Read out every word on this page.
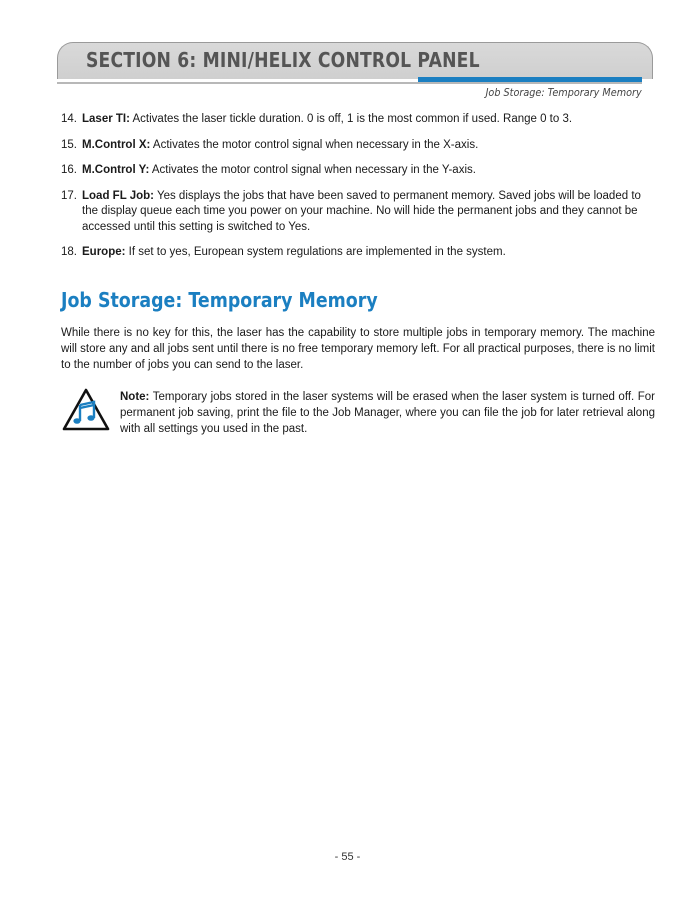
SECTION 6: MINI/HELIX CONTROL PANEL
Job Storage: Temporary Memory
14. Laser TI: Activates the laser tickle duration. 0 is off, 1 is the most common if used. Range 0 to 3.
15. M.Control X: Activates the motor control signal when necessary in the X-axis.
16. M.Control Y: Activates the motor control signal when necessary in the Y-axis.
17. Load FL Job: Yes displays the jobs that have been saved to permanent memory. Saved jobs will be loaded to the display queue each time you power on your machine. No will hide the permanent jobs and they cannot be accessed until this setting is switched to Yes.
18. Europe: If set to yes, European system regulations are implemented in the system.
Job Storage: Temporary Memory

While there is no key for this, the laser has the capability to store multiple jobs in temporary memory. The machine will store any and all jobs sent until there is no free temporary memory left. For all practical purposes, there is no limit to the number of jobs you can send to the laser.

Note: Temporary jobs stored in the laser systems will be erased when the laser system is turned off. For permanent job saving, print the file to the Job Manager, where you can file the job for later retrieval along with all settings you used in the past.

- 55 -
